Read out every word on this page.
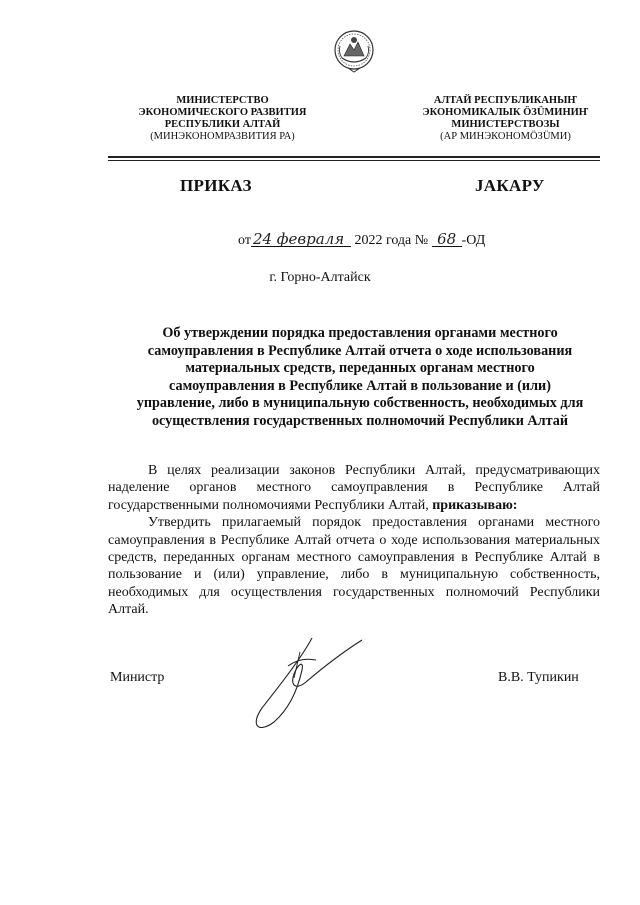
МИНИСТЕРСТВО
ЭКОНОМИЧЕСКОГО РАЗВИТИЯ
РЕСПУБЛИКИ АЛТАЙ
(МИНЭКОНОМРАЗВИТИЯ РА)
АЛТАЙ РЕСПУБЛИКАНЫҤ
ЭКОНОМИКАЛЫК ÖЗÜМИНИҤ
МИНИСТЕРСТВОЗЫ
(АР МИНЭКОНОМÖЗÜМИ)
ПРИКАЗ	JАКАРУ
от 24 февраля 2022 года № 68 -ОД
г. Горно-Алтайск
Об утверждении порядка предоставления органами местного
самоуправления в Республике Алтай отчета о ходе использования
материальных средств, переданных органам местного
самоуправления в Республике Алтай в пользование и (или)
управление, либо в муниципальную собственность, необходимых для
осуществления государственных полномочий Республики Алтай

В целях реализации законов Республики Алтай, предусматривающих наделение органов местного самоуправления в Республике Алтай государственными полномочиями Республики Алтай, приказываю:

Утвердить прилагаемый порядок предоставления органами местного самоуправления в Республике Алтай отчета о ходе использования материальных средств, переданных органам местного самоуправления в Республике Алтай в пользование и (или) управление, либо в муниципальную собственность, необходимых для осуществления государственных полномочий Республики Алтай.

Министр	В.В. Тупикин
